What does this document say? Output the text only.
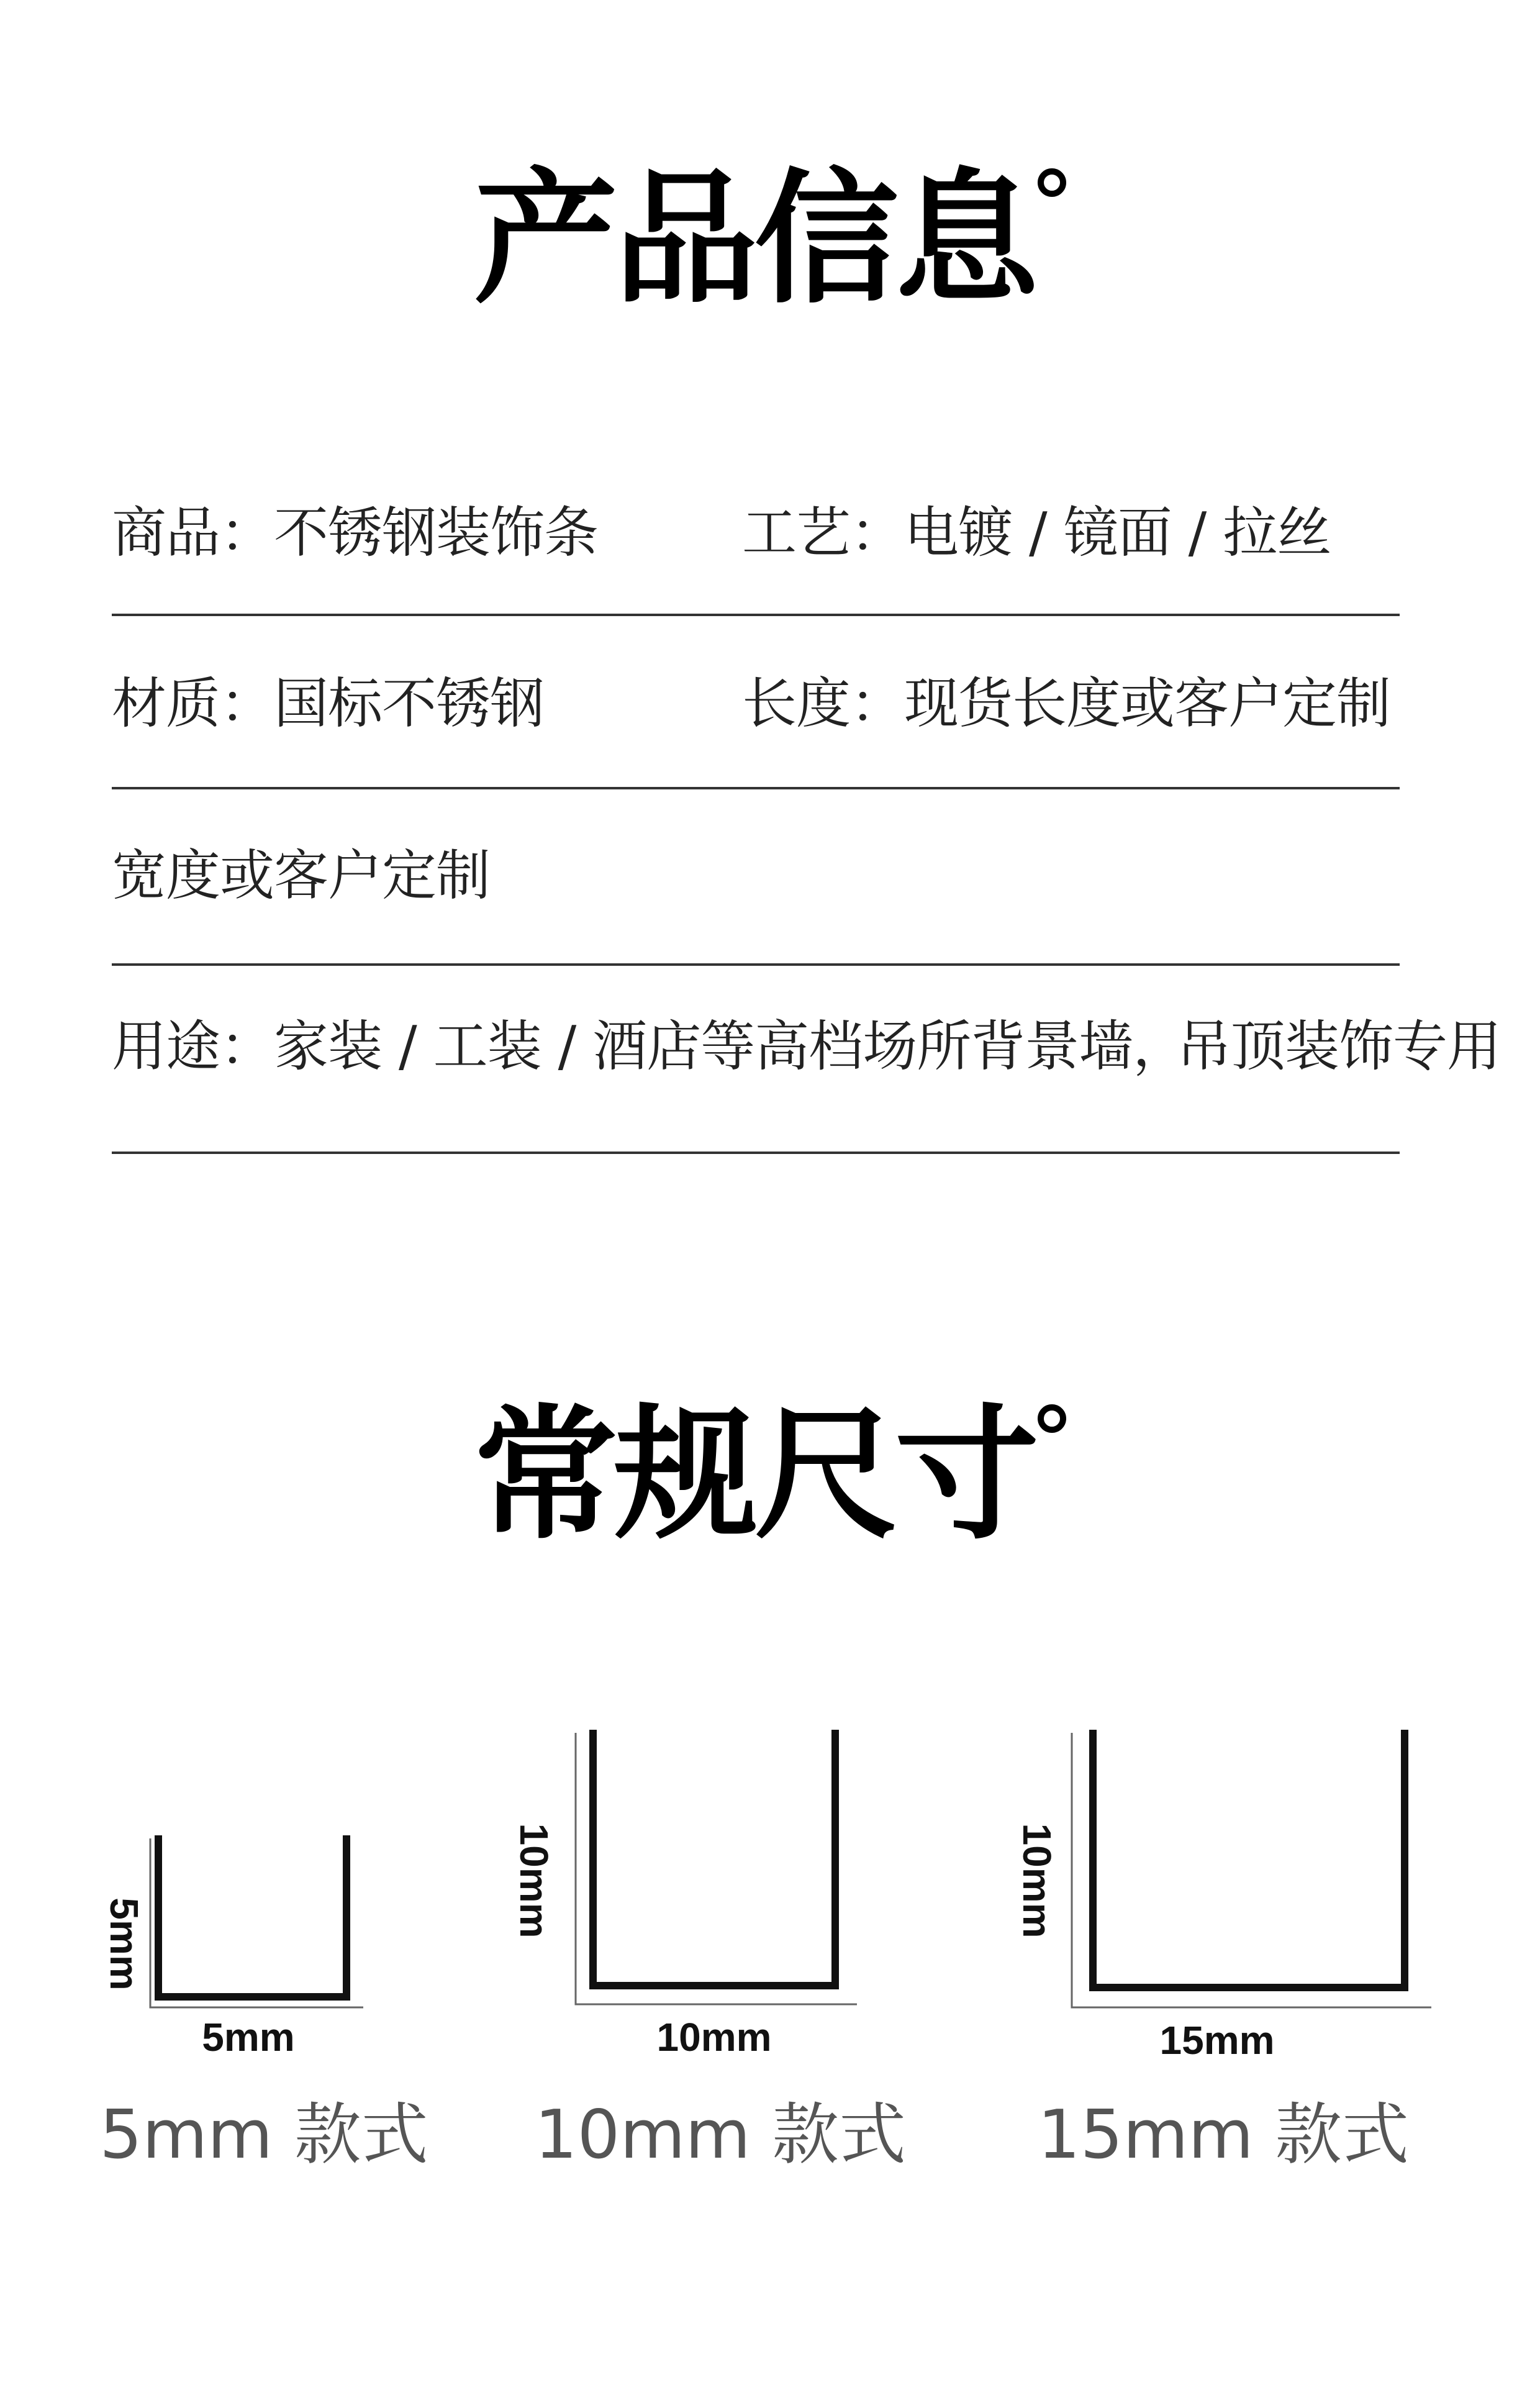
产品信息
商品：不锈钢装饰条	工艺：电镀 / 镜面 / 拉丝
材质：国标不锈钢	长度：现货长度或客户定制
宽度或客户定制
用途：家装 / 工装 / 酒店等高档场所背景墙，
吊顶装饰专用
常规尺寸
5mm
5mm
5mm 款式
10mm
10mm
10mm 款式
10mm
15mm
15mm 款式
